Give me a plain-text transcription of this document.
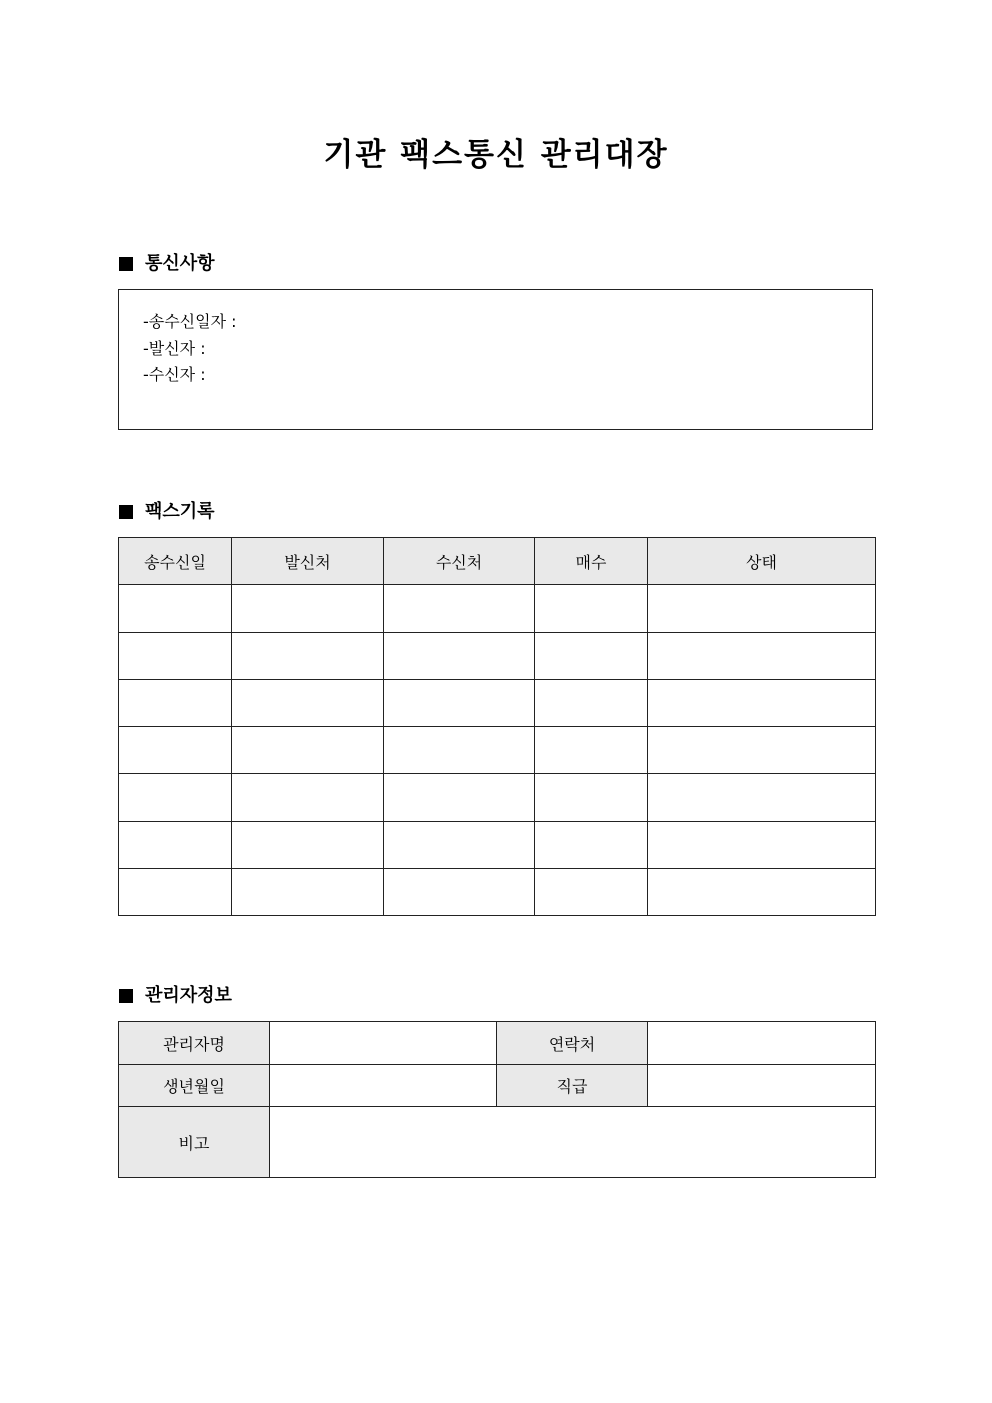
기관 팩스통신 관리대장
통신사항
-송수신일자 :
-발신자 :
-수신자 :
팩스기록
송수신일	발신처	수신처	매수	상태

관리자정보
관리자명		연락처	
생년월일		직급	
비고			
